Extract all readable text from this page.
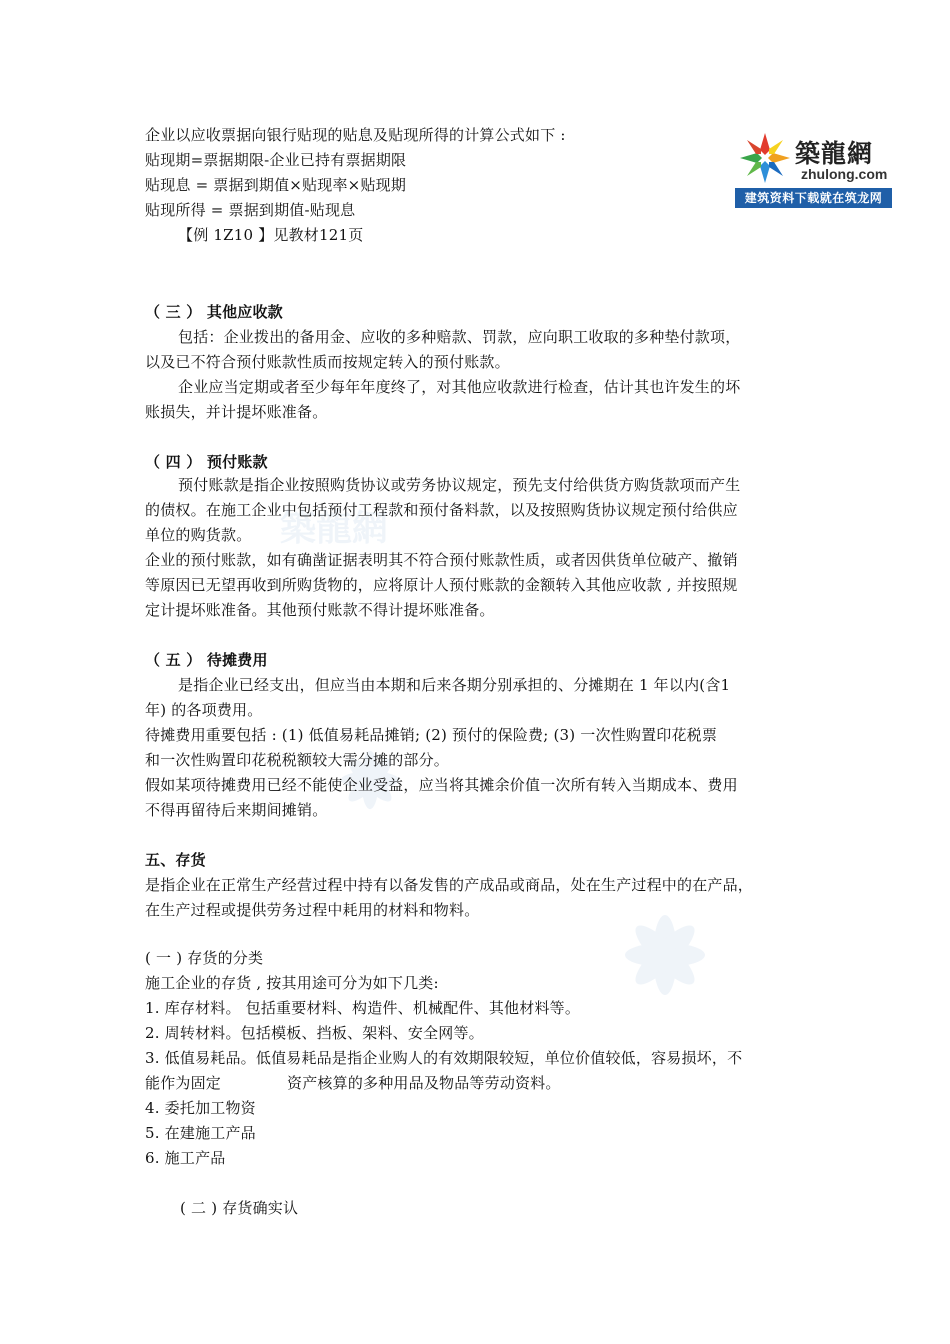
築龍網
築龍網
zhulong.com
建筑资料下载就在筑龙网
企业以应收票据向银行贴现的贴息及贴现所得的计算公式如下 :
贴现期=票据期限-企业已持有票据期限
贴现息 = 票据到期值×贴现率×贴现期
贴现所得 = 票据到期值-贴现息
【例 1Z10 】见教材121页
（ 三 ） 其他应收款
包括：企业拨出的备用金、应收的多种赔款、罚款，应向职工收取的多种垫付款项，
以及已不符合预付账款性质而按规定转入的预付账款。
企业应当定期或者至少每年年度终了，对其他应收款进行检查，估计其也许发生的坏
账损失，并计提坏账准备。
（ 四 ） 预付账款
预付账款是指企业按照购货协议或劳务协议规定，预先支付给供货方购货款项而产生
的债权。在施工企业中包括预付工程款和预付备料款，以及按照购货协议规定预付给供应
单位的购货款。
企业的预付账款，如有确凿证据表明其不符合预付账款性质，或者因供货单位破产、撤销
等原因已无望再收到所购货物的，应将原计人预付账款的金额转入其他应收款 , 并按照规
定计提坏账准备。其他预付账款不得计提坏账准备。
（ 五 ） 待摊费用
是指企业已经支出，但应当由本期和后来各期分别承担的、分摊期在 1 年以内(含1
年) 的各项费用。
待摊费用重要包括 : (1) 低值易耗品摊销; (2) 预付的保险费; (3) 一次性购置印花税票
和一次性购置印花税税额较大需分摊的部分。
假如某项待摊费用已经不能使企业受益，应当将其摊余价值一次所有转入当期成本、费用
不得再留待后来期间摊销。
五、存货
是指企业在正常生产经营过程中持有以备发售的产成品或商品，处在生产过程中的在产品，
在生产过程或提供劳务过程中耗用的材料和物料。
( 一 ) 存货的分类
施工企业的存货 , 按其用途可分为如下几类:
1. 库存材料。 包括重要材料、构造件、机械配件、其他材料等。
2. 周转材料。包括模板、挡板、架料、安全网等。
3. 低值易耗品。低值易耗品是指企业购人的有效期限较短，单位价值较低，容易损坏，不
能作为固定	资产核算的多种用品及物品等劳动资料。
4. 委托加工物资
5. 在建施工产品
6. 施工产品
( 二 ) 存货确实认
